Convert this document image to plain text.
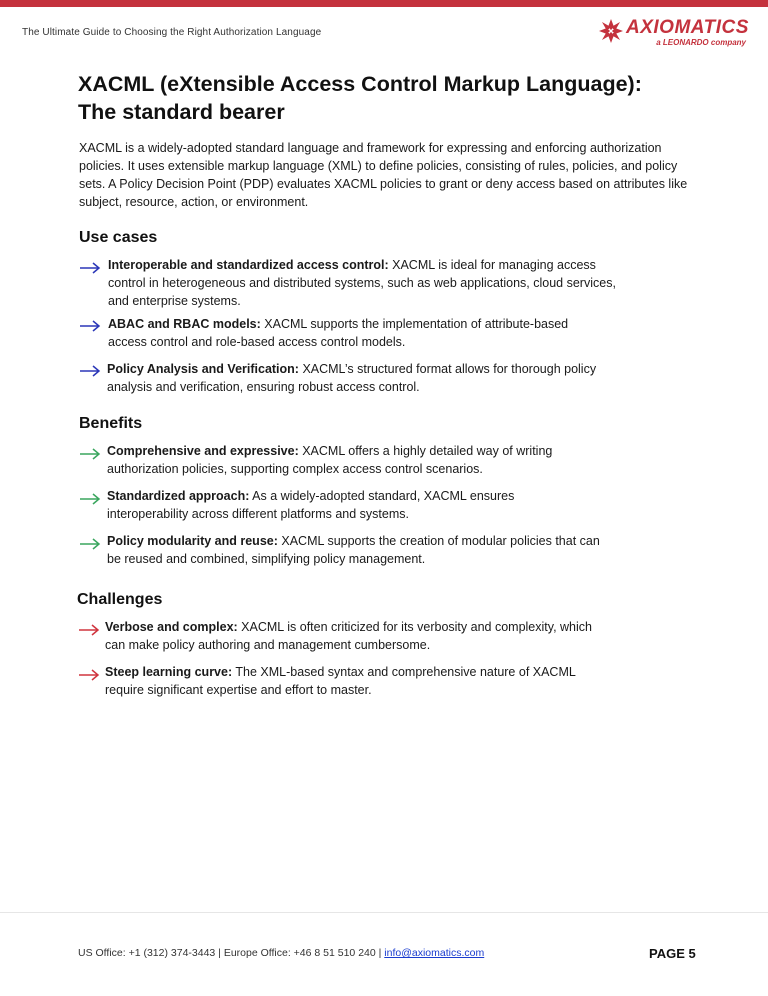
The Ultimate Guide to Choosing the Right Authorization Language	AXIOMATICS
a LEONARDO company
XACML (eXtensible Access Control Markup Language):
The standard bearer
XACML is a widely-adopted standard language and framework for expressing and enforcing authorization policies. It uses extensible markup language (XML) to define policies, consisting of rules, policies, and policy sets. A Policy Decision Point (PDP) evaluates XACML policies to grant or deny access based on attributes like subject, resource, action, or environment.
Use cases
Interoperable and standardized access control: XACML is ideal for managing access control in heterogeneous and distributed systems, such as web applications, cloud services, and enterprise systems.
ABAC and RBAC models: XACML supports the implementation of attribute-based access control and role-based access control models.
Policy Analysis and Verification: XACML’s structured format allows for thorough policy analysis and verification, ensuring robust access control.
Benefits
Comprehensive and expressive: XACML offers a highly detailed way of writing authorization policies, supporting complex access control scenarios.
Standardized approach: As a widely-adopted standard, XACML ensures interoperability across different platforms and systems.
Policy modularity and reuse: XACML supports the creation of modular policies that can be reused and combined, simplifying policy management.
Challenges
Verbose and complex: XACML is often criticized for its verbosity and complexity, which can make policy authoring and management cumbersome.
Steep learning curve: The XML-based syntax and comprehensive nature of XACML require significant expertise and effort to master.
US Office: +1 (312) 374-3443 | Europe Office: +46 8 51 510 240 | info@axiomatics.com	PAGE 5
